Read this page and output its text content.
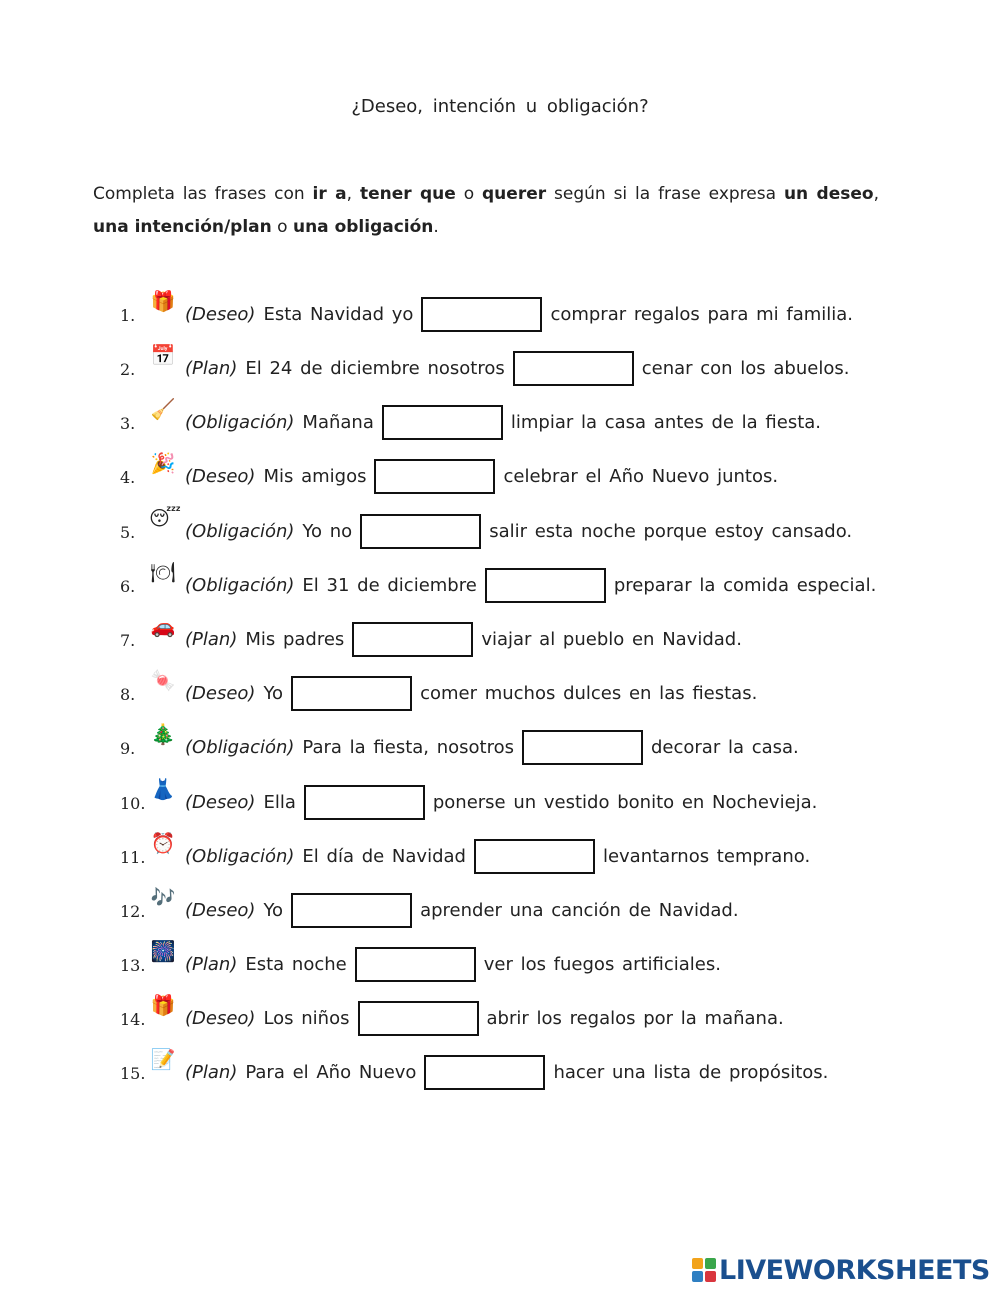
¿Deseo, intención u obligación?
Completa las frases con ir a, tener que o querer según si la frase expresa un deseo, una intención/plan o una obligación.
1.
🎁
(Deseo) Esta Navidad yo	comprar regalos para mi familia.
2.
📅
(Plan) El 24 de diciembre nosotros	cenar con los abuelos.
3.
🧹
(Obligación) Mañana	limpiar la casa antes de la fiesta.
4.
🎉
(Deseo) Mis amigos	celebrar el Año Nuevo juntos.
5.
😴
(Obligación) Yo no	salir esta noche porque estoy cansado.
6.
🍽
(Obligación) El 31 de diciembre	preparar la comida especial.
7.
🚗
(Plan) Mis padres	viajar al pueblo en Navidad.
8.
🍬
(Deseo) Yo	comer muchos dulces en las fiestas.
9.
🎄
(Obligación) Para la fiesta, nosotros	decorar la casa.
10.
👗
(Deseo) Ella	ponerse un vestido bonito en Nochevieja.
11.
⏰
(Obligación) El día de Navidad	levantarnos temprano.
12.
🎶
(Deseo) Yo	aprender una canción de Navidad.
13.
🎆
(Plan) Esta noche	ver los fuegos artificiales.
14.
🎁
(Deseo) Los niños	abrir los regalos por la mañana.
15.
📝
(Plan) Para el Año Nuevo	hacer una lista de propósitos.
LIVEWORKSHEETS
